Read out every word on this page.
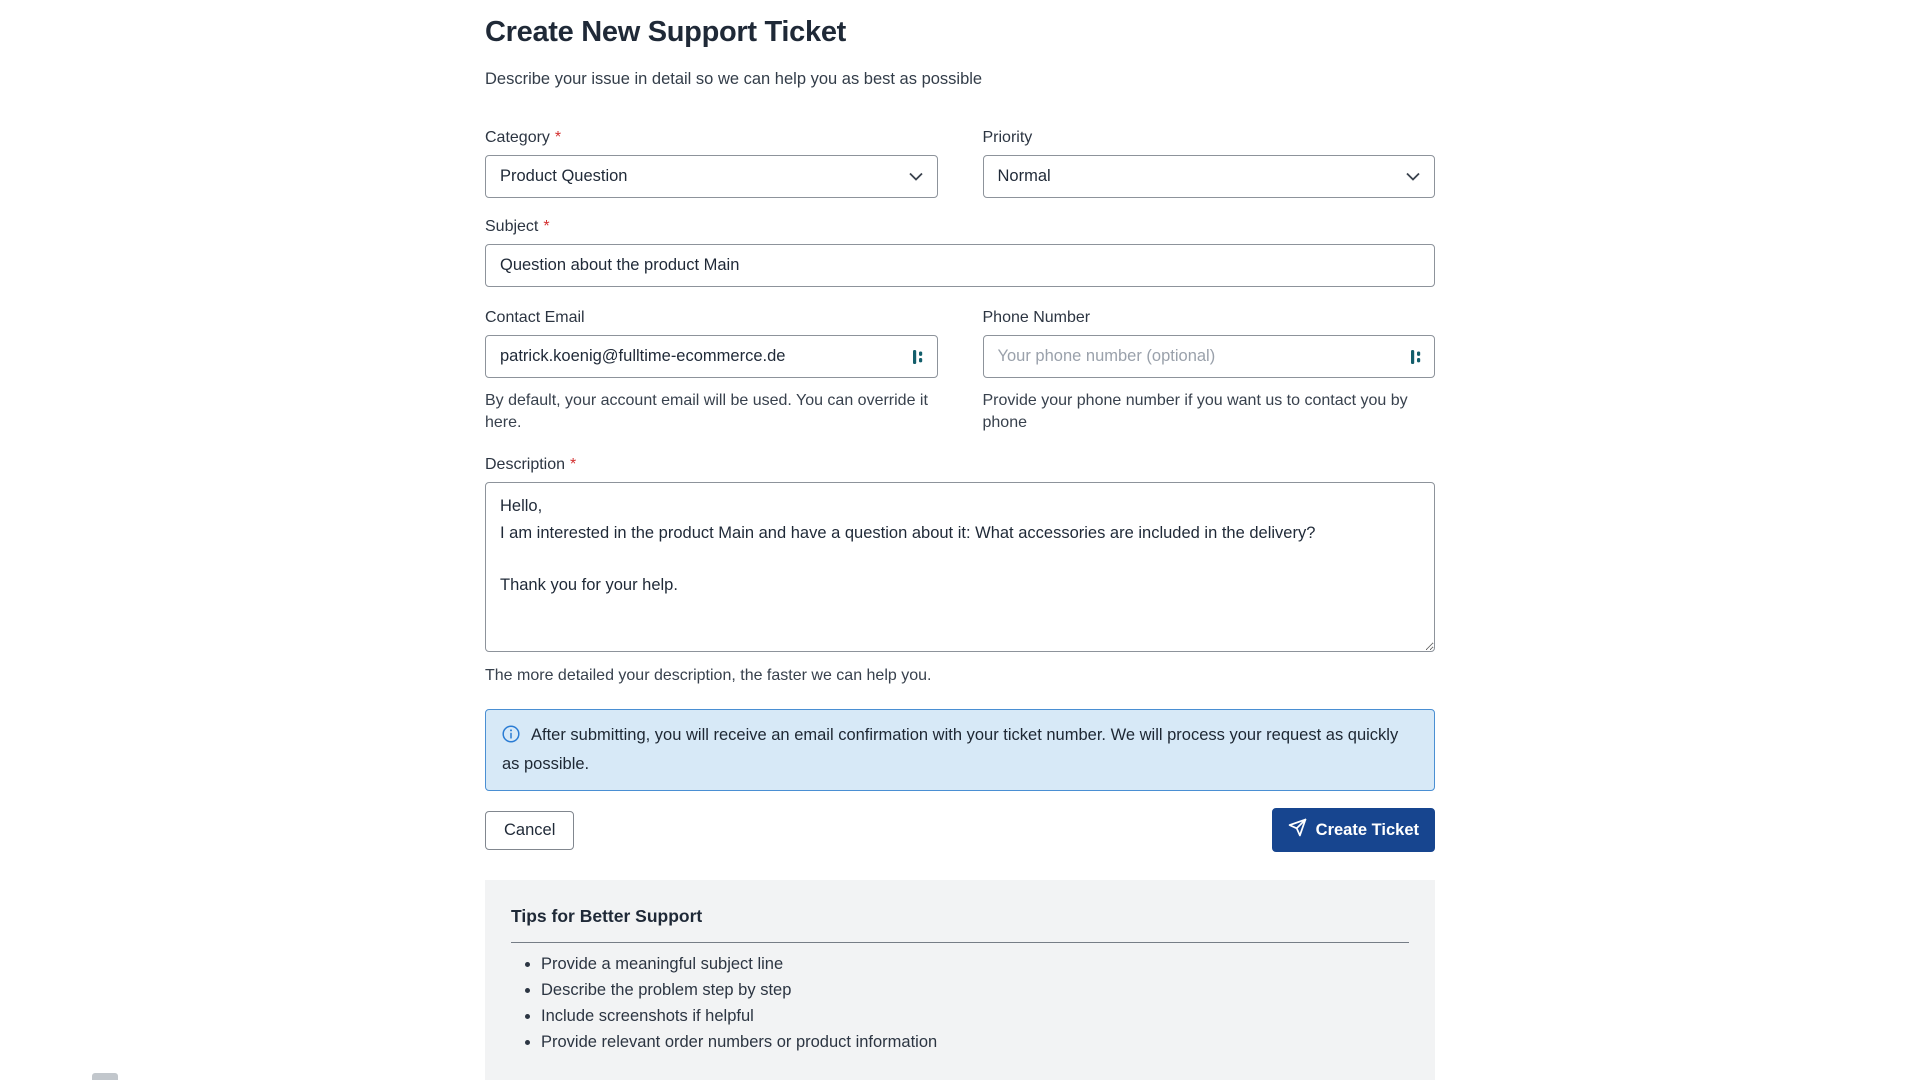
Create New Support Ticket
Describe your issue in detail so we can help you as best as possible
Category *
Product Question
Priority
Normal
Subject *
Question about the product Main
Contact Email
patrick.koenig@fulltime-ecommerce.de
By default, your account email will be used. You can override it here.
Phone Number
Your phone number (optional)
Provide your phone number if you want us to contact you by phone
Description *
Hello, I am interested in the product Main and have a question about it: What accessories are included in the delivery? Thank you for your help.
The more detailed your description, the faster we can help you.
After submitting, you will receive an email confirmation with your ticket number. We will process your request as quickly as possible.
Cancel	Create Ticket
Tips for Better Support
• Provide a meaningful subject line
• Describe the problem step by step
• Include screenshots if helpful
• Provide relevant order numbers or product information
